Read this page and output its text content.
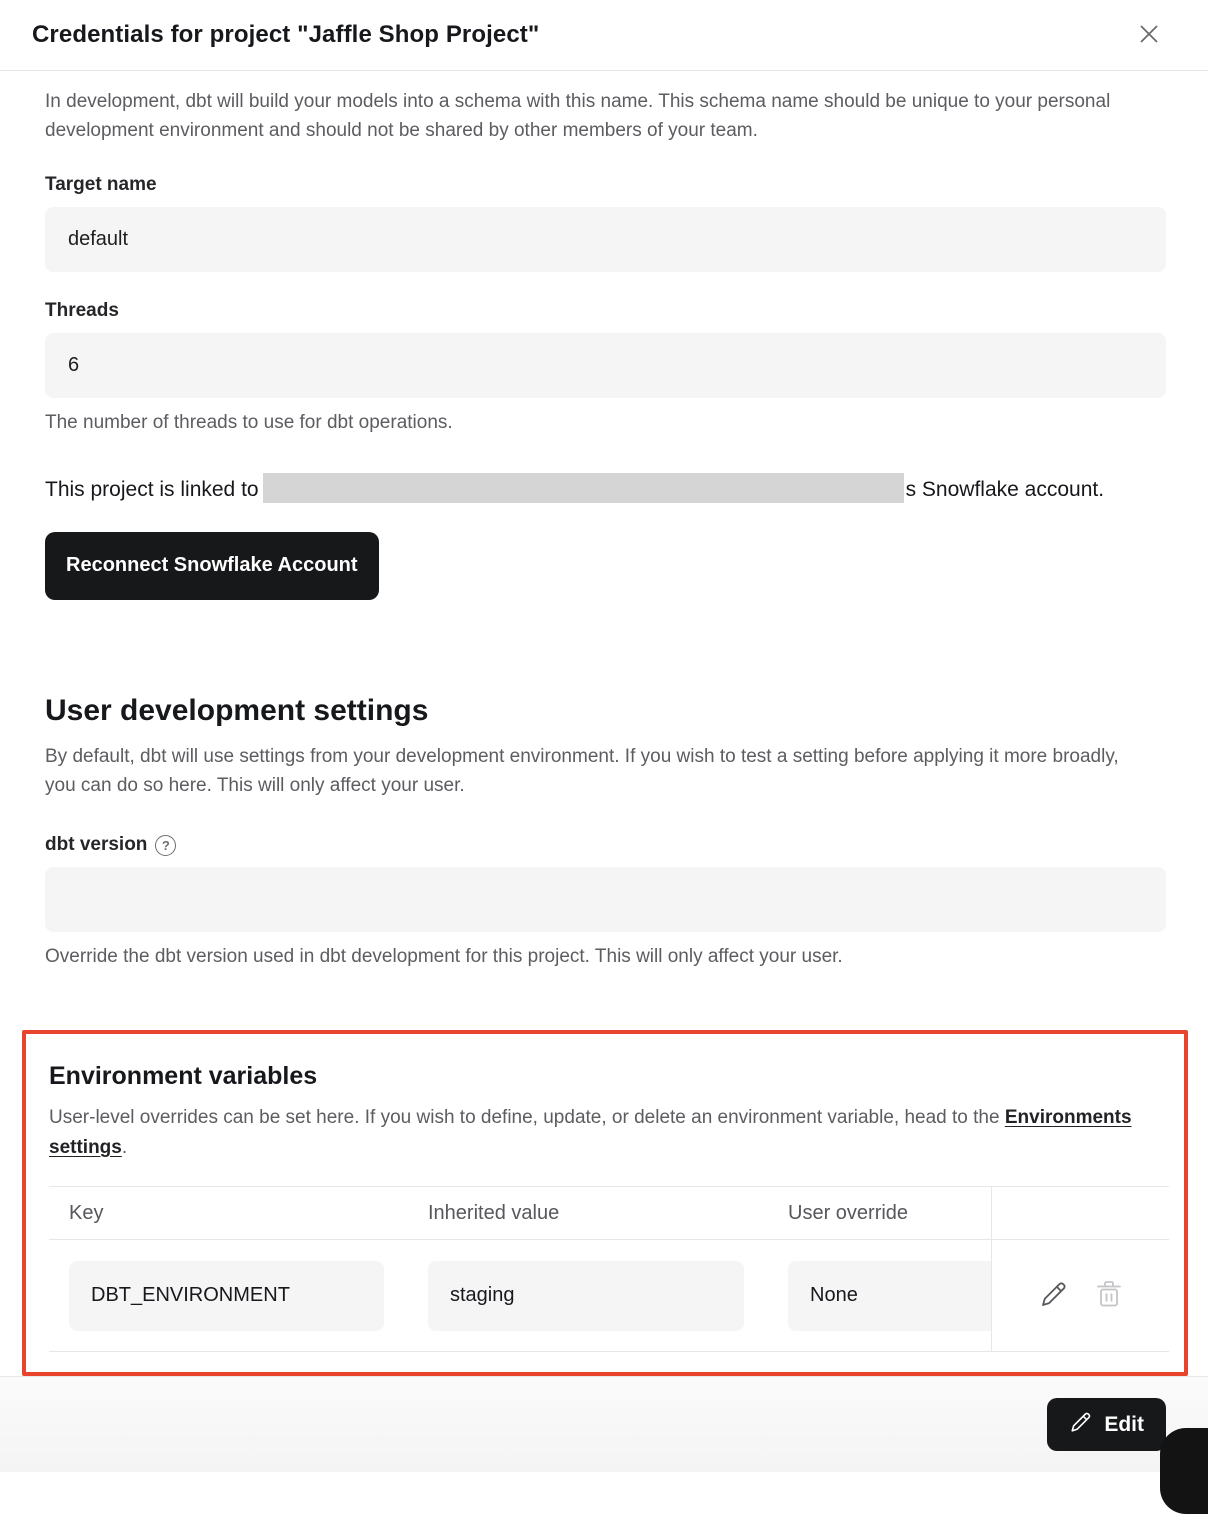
Credentials for project "Jaffle Shop Project"

In development, dbt will build your models into a schema with this name. This schema name should be unique to your personal development environment and should not be shared by other members of your team.

Target name
default
Threads
6
The number of threads to use for dbt operations.

This project is linked to	s Snowflake account.

Reconnect Snowflake Account
User development settings

By default, dbt will use settings from your development environment. If you wish to test a setting before applying it more broadly, you can do so here. This will only affect your user.

dbt version	?
Override the dbt version used in dbt development for this project. This will only affect your user.
Environment variables

User-level overrides can be set here. If you wish to define, update, or delete an environment variable, head to the Environments settings.

Key	Inherited value	User override
DBT_ENVIRONMENT	staging	None
Edit
